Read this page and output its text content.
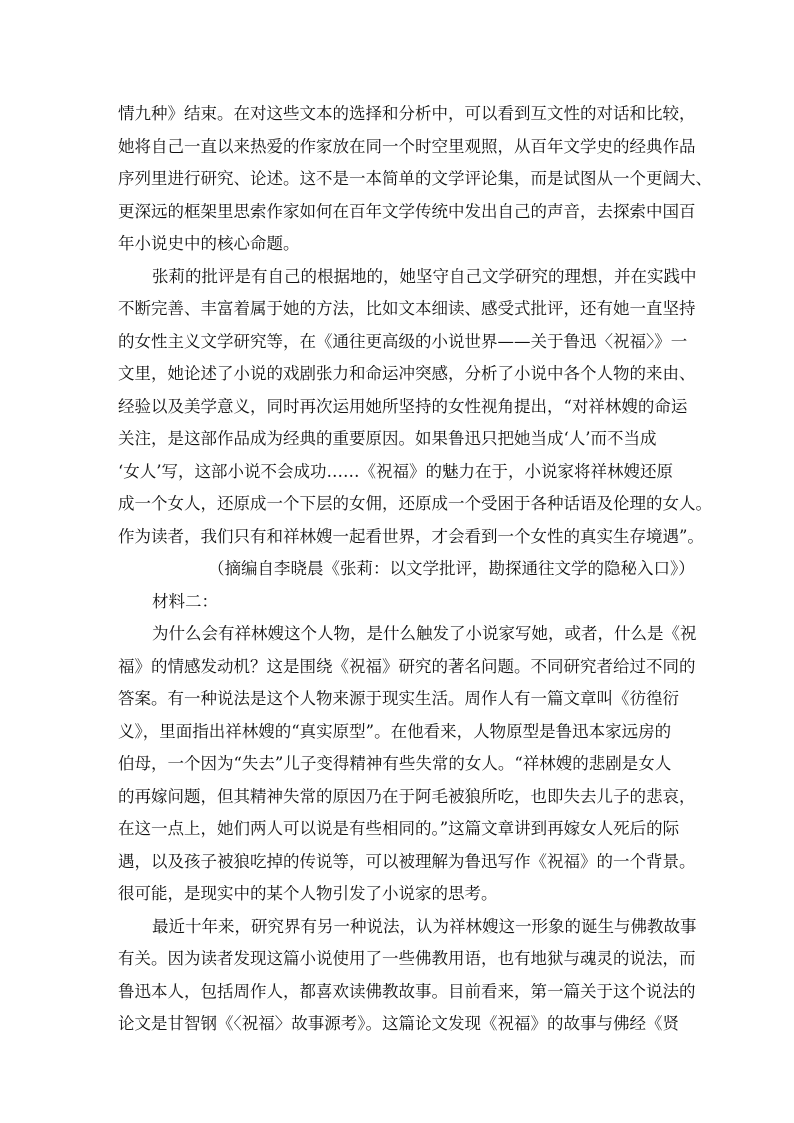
情九种》结束。在对这些文本的选择和分析中，可以看到互文性的对话和比较，
她将自己一直以来热爱的作家放在同一个时空里观照，从百年文学史的经典作品
序列里进行研究、论述。这不是一本简单的文学评论集，而是试图从一个更阔大、
更深远的框架里思索作家如何在百年文学传统中发出自己的声音，去探索中国百
年小说史中的核心命题。
张莉的批评是有自己的根据地的，她坚守自己文学研究的理想，并在实践中
不断完善、丰富着属于她的方法，比如文本细读、感受式批评，还有她一直坚持
的女性主义文学研究等，在《通往更高级的小说世界——关于鲁迅〈祝福〉》一
文里，她论述了小说的戏剧张力和命运冲突感，分析了小说中各个人物的来由、
经验以及美学意义，同时再次运用她所坚持的女性视角提出，“对祥林嫂的命运
关注，是这部作品成为经典的重要原因。如果鲁迅只把她当成‘人’而不当成
‘女人’写，这部小说不会成功……《祝福》的魅力在于，小说家将祥林嫂还原
成一个女人，还原成一个下层的女佣，还原成一个受困于各种话语及伦理的女人。
作为读者，我们只有和祥林嫂一起看世界，才会看到一个女性的真实生存境遇”。
（摘编自李晓晨《张莉：以文学批评，勘探通往文学的隐秘入口》）
材料二：
为什么会有祥林嫂这个人物，是什么触发了小说家写她，或者，什么是《祝
福》的情感发动机？这是围绕《祝福》研究的著名问题。不同研究者给过不同的
答案。有一种说法是这个人物来源于现实生活。周作人有一篇文章叫《彷徨衍
义》，里面指出祥林嫂的“真实原型”。在他看来，人物原型是鲁迅本家远房的
伯母，一个因为“失去”儿子变得精神有些失常的女人。“祥林嫂的悲剧是女人
的再嫁问题，但其精神失常的原因乃在于阿毛被狼所吃，也即失去儿子的悲哀，
在这一点上，她们两人可以说是有些相同的。”这篇文章讲到再嫁女人死后的际
遇，以及孩子被狼吃掉的传说等，可以被理解为鲁迅写作《祝福》的一个背景。
很可能，是现实中的某个人物引发了小说家的思考。
最近十年来，研究界有另一种说法，认为祥林嫂这一形象的诞生与佛教故事
有关。因为读者发现这篇小说使用了一些佛教用语，也有地狱与魂灵的说法，而
鲁迅本人，包括周作人，都喜欢读佛教故事。目前看来，第一篇关于这个说法的
论文是甘智钢《〈祝福〉故事源考》。这篇论文发现《祝福》的故事与佛经《贤
